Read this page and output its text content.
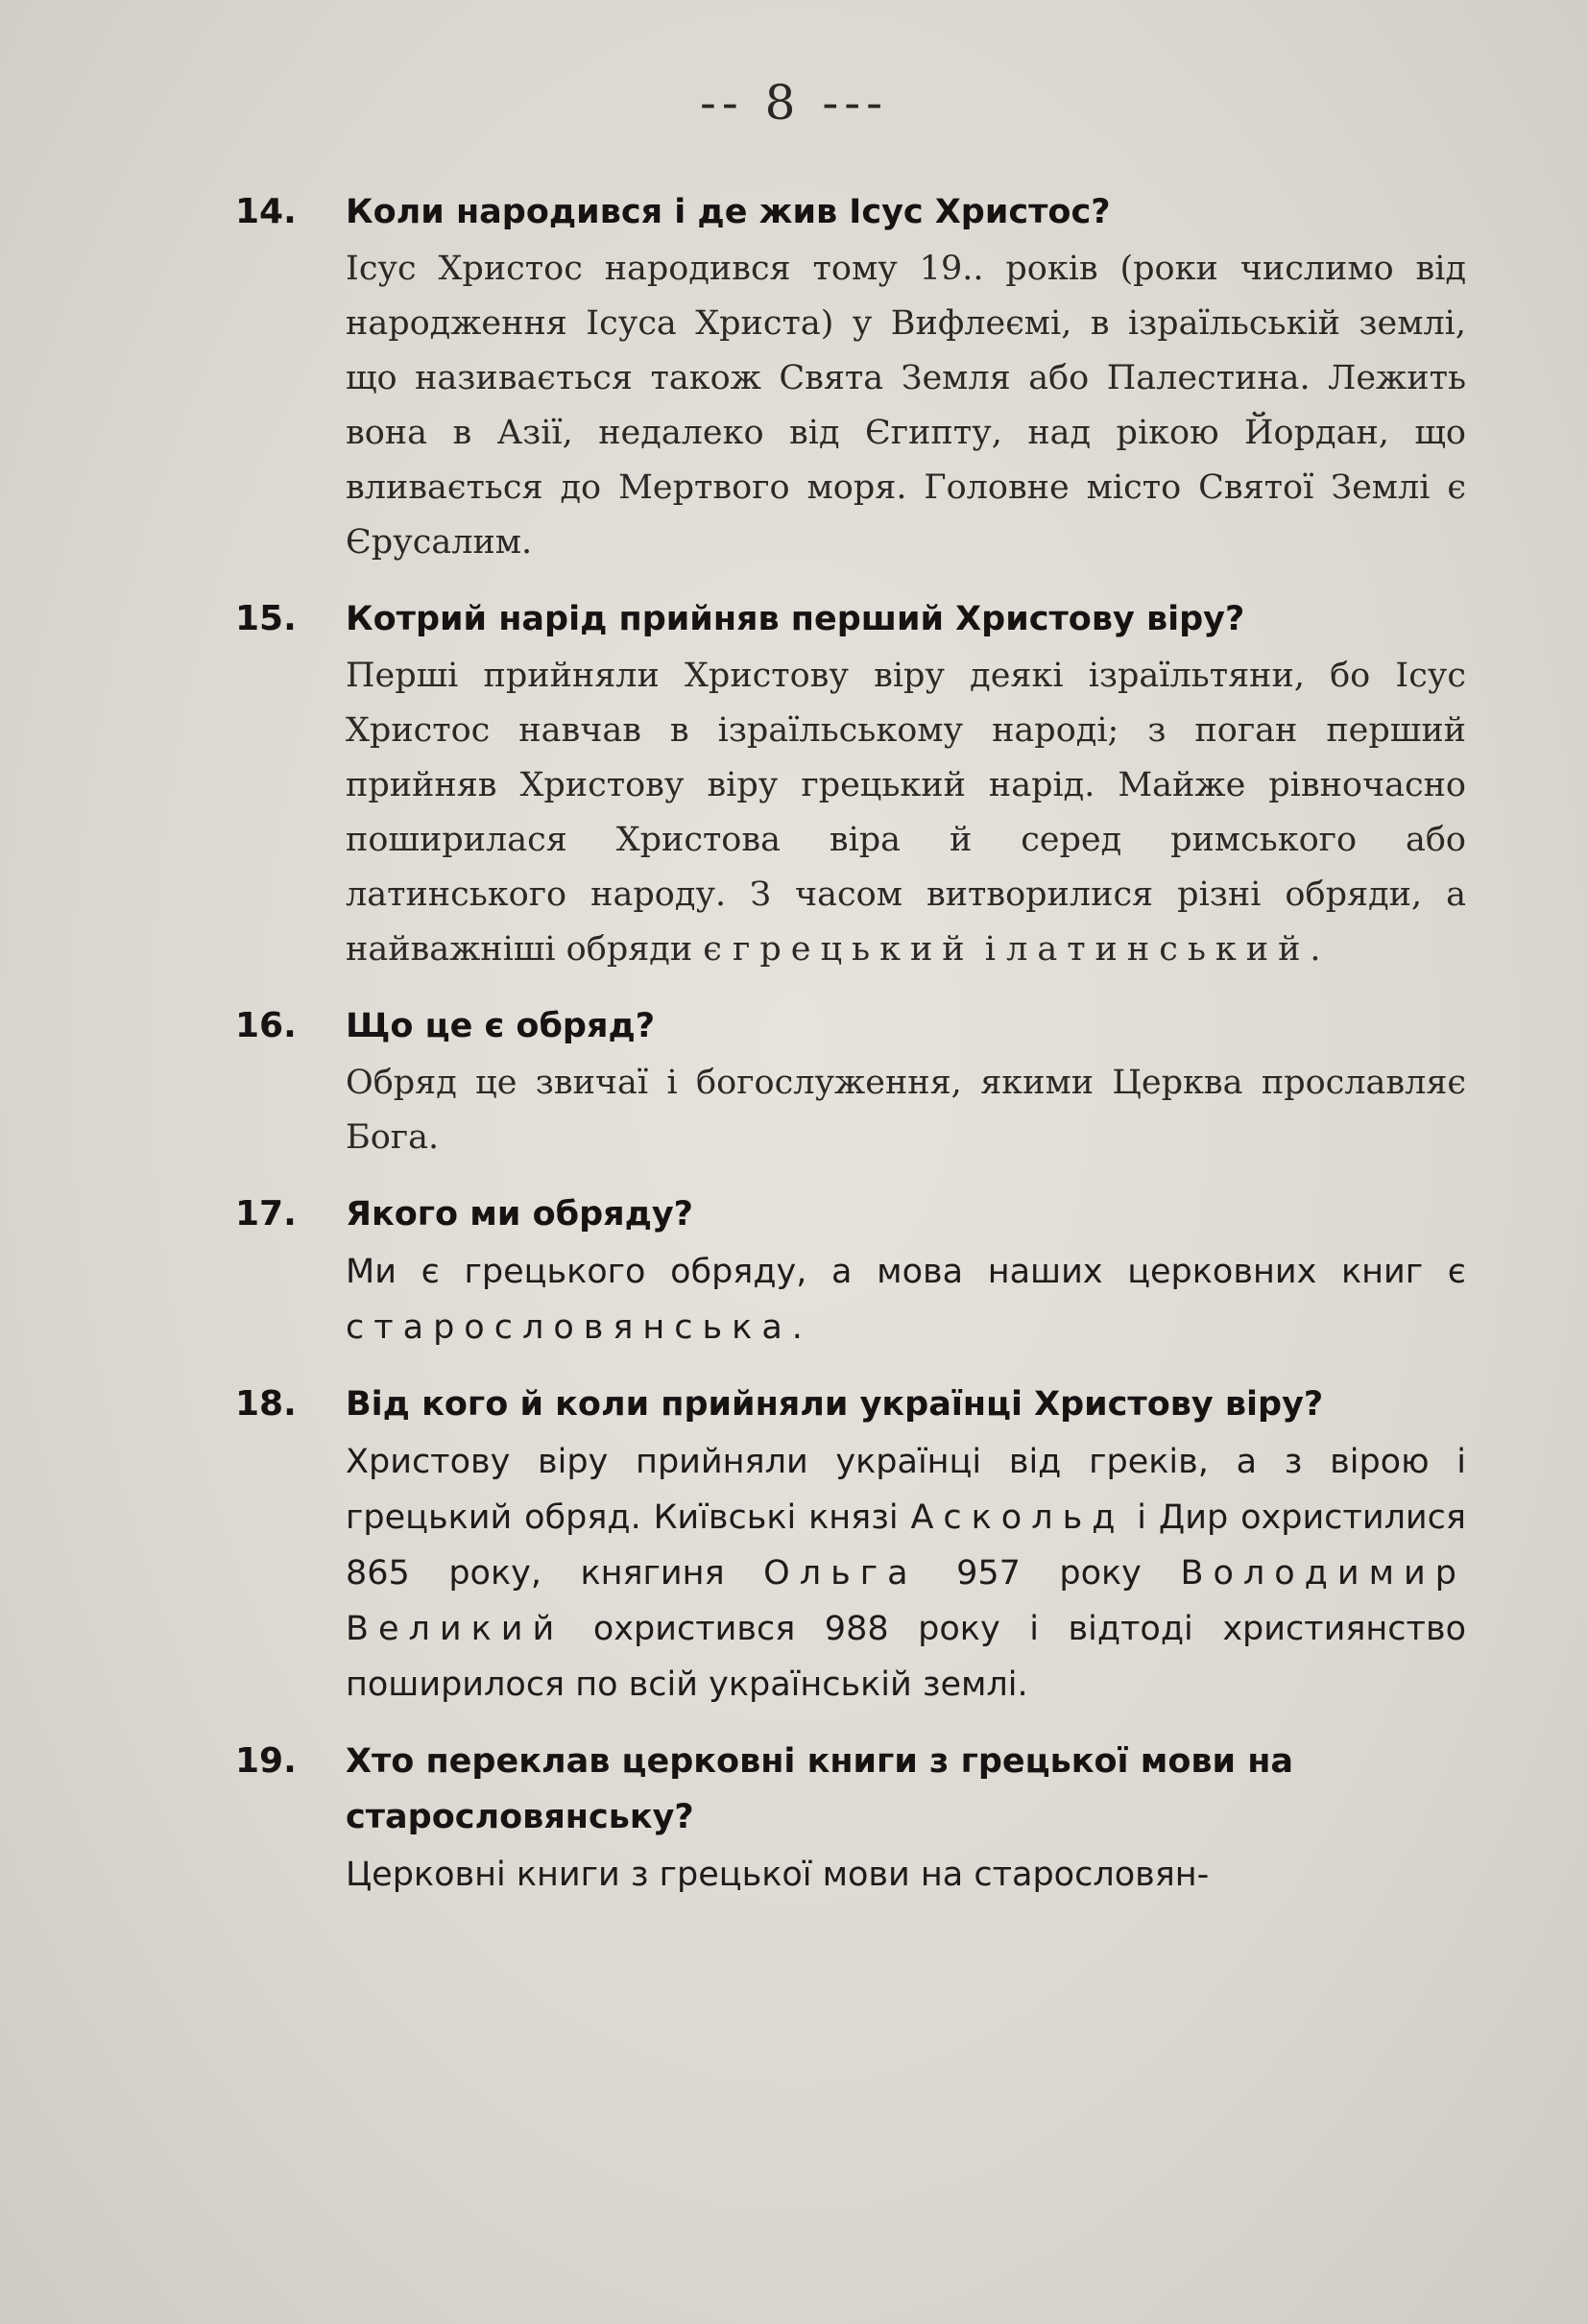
-- 8 ---
14. Коли народився і де жив Ісус Христос?
Ісус Христос народився тому 19.. років (роки числимо від народження Ісуса Христа) у Вифлеємі, в ізраїльській землі, що називається також Свята Земля або Палестина. Лежить вона в Азії, недалеко від Єгипту, над рікою Йордан, що вливається до Мертвого моря. Головне місто Святої Землі є Єрусалим.
15. Котрий нарід прийняв перший Христову віру?
Перші прийняли Христову віру деякі ізраїльтяни, бо Ісус Христос навчав в ізраїльському народі; з поган перший прийняв Христову віру грецький нарід. Майже рівночасно поширилася Христова віра й серед римського або латинського народу. З часом витворилися різні обряди, а найважніші обряди є грецький і латинський.
16. Що це є обряд?
Обряд це звичаї і богослуження, якими Церква прославляє Бога.
17. Якого ми обряду?
Ми є грецького обряду, а мова наших церковних книг є старословянська.
18. Від кого й коли прийняли українці Христову віру?
Христову віру прийняли українці від греків, а з вірою і грецький обряд. Київські князі Аскольд і Дир охристилися 865 року, княгиня Ольга 957 року Володимир Великий охристився 988 року і відтоді християнство поширилося по всій українській землі.
19. Хто переклав церковні книги з грецької мови на старословянську?
Церковні книги з грецької мови на старословян-
